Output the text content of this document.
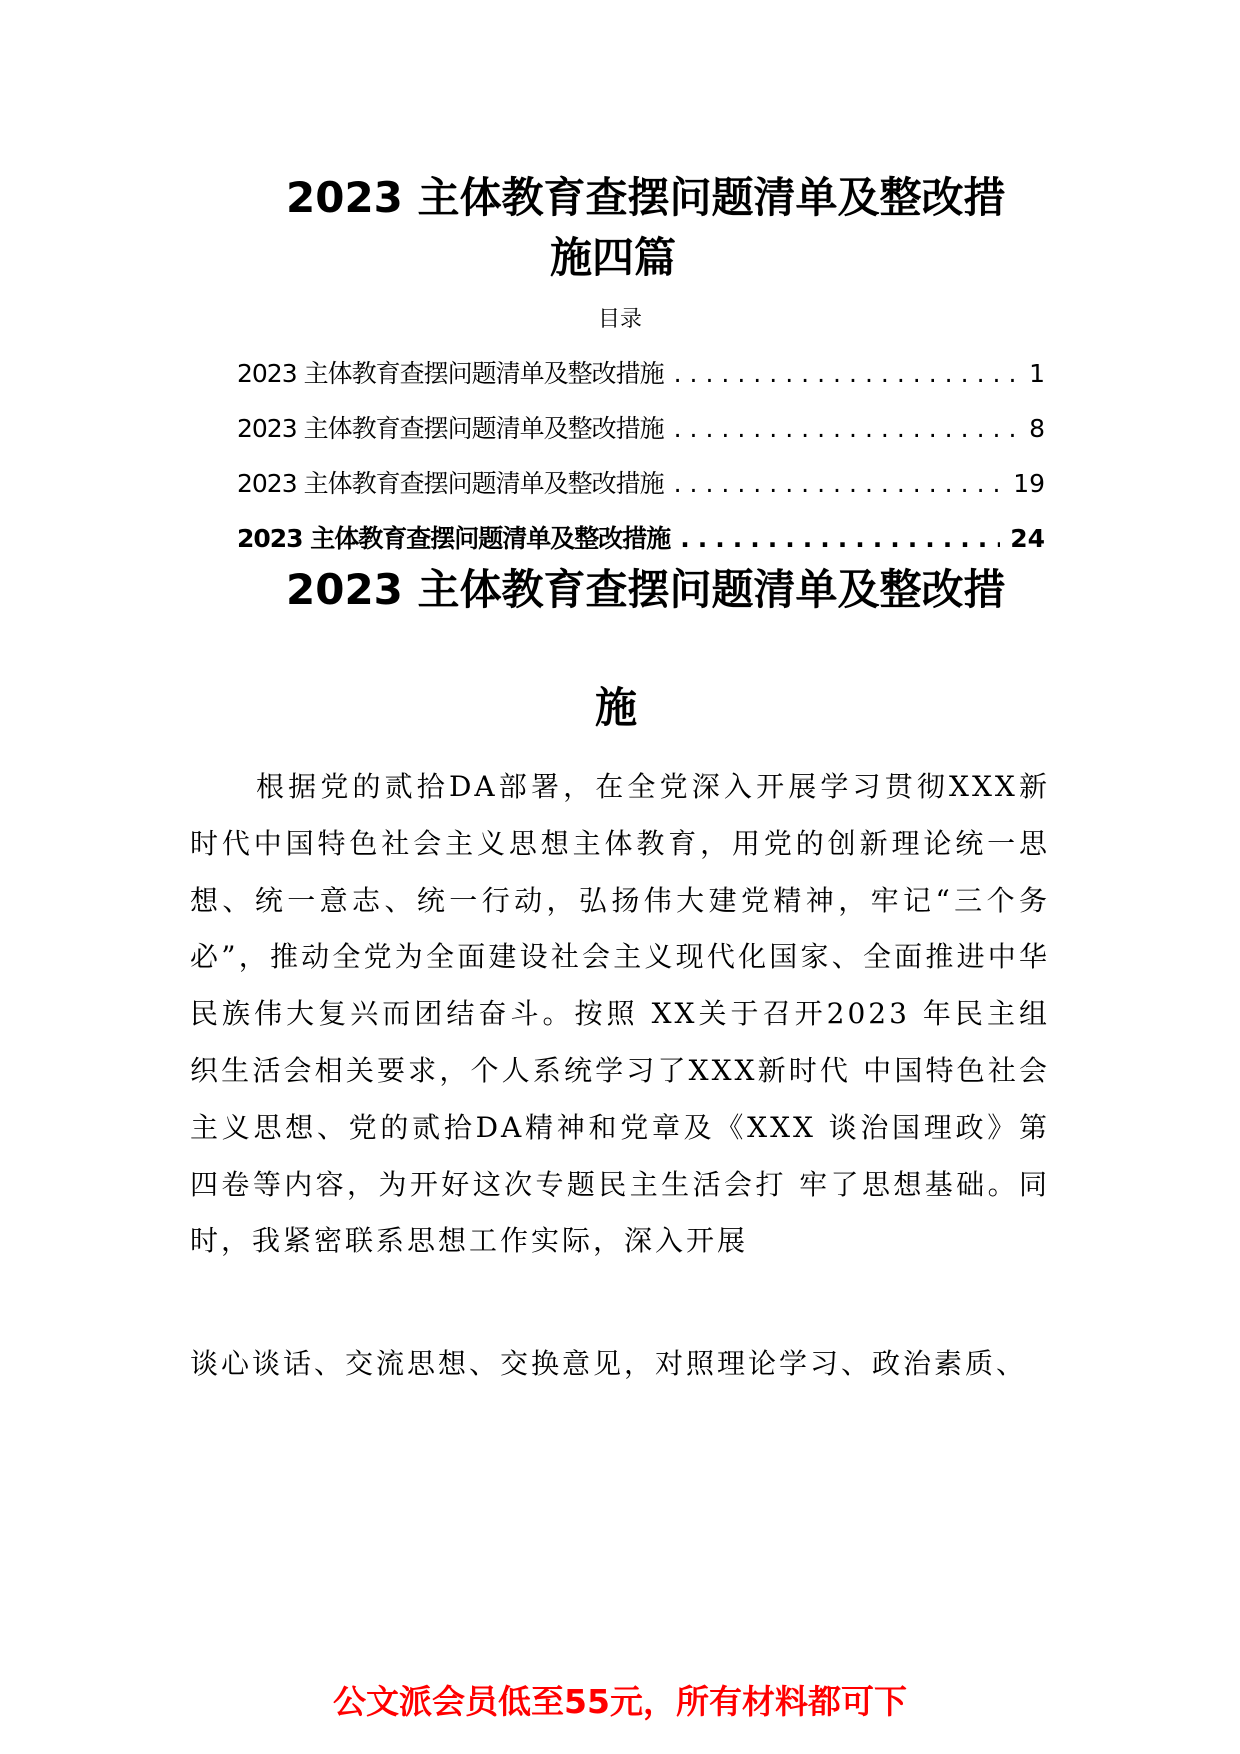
2023 主体教育查摆问题清单及整改措
施四篇
目录
2023 主体教育查摆问题清单及整改措施 .....	1
2023 主体教育查摆问题清单及整改措施 .....	8
2023 主体教育查摆问题清单及整改措施 .....	19
2023 主体教育查摆问题清单及整改措施 .....	24
2023 主体教育查摆问题清单及整改措
施

根据党的贰拾DA部署，在全党深入开展学习贯彻XXX新时代中国特色社会主义思想主体教育，用党的创新理论统一思想、统一意志、统一行动，弘扬伟大建党精神，牢记“三个务必”，推动全党为全面建设社会主义现代化国家、全面推进中华民族伟大复兴而团结奋斗。按照 XX关于召开2023 年民主组织生活会相关要求，个人系统学习了XXX新时代 中国特色社会主义思想、党的贰拾DA精神和党章及《XXX 谈治国理政》第四卷等内容，为开好这次专题民主生活会打 牢了思想基础。同时，我紧密联系思想工作实际，深入开展

谈心谈话、交流思想、交换意见，对照理论学习、政治素质、

公文派会员低至55元，所有材料都可下
